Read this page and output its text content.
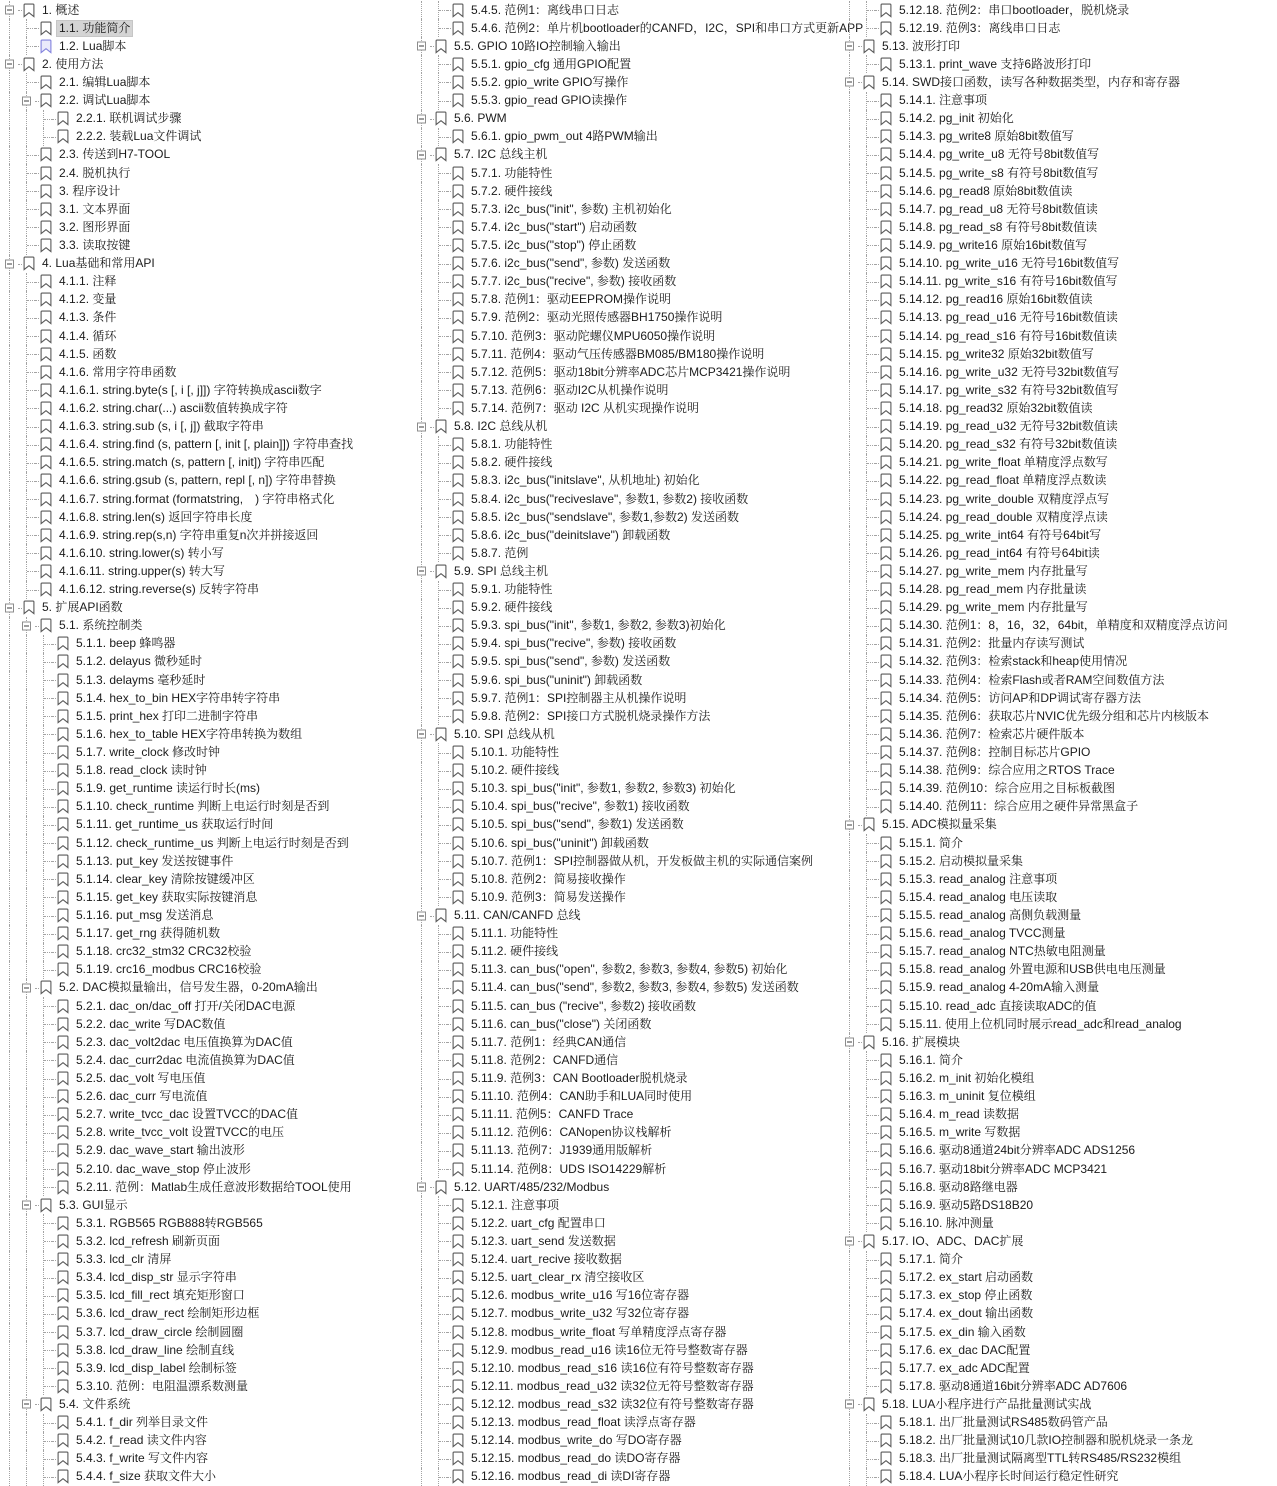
1. 概述
1.1. 功能简介
1.2. Lua脚本
2. 使用方法
2.1. 编辑Lua脚本
2.2. 调试Lua脚本
2.2.1. 联机调试步骤
2.2.2. 装载Lua文件调试
2.3. 传送到H7-TOOL
2.4. 脱机执行
3. 程序设计
3.1. 文本界面
3.2. 图形界面
3.3. 读取按键
4. Lua基础和常用API
4.1.1. 注释
4.1.2. 变量
4.1.3. 条件
4.1.4. 循环
4.1.5. 函数
4.1.6. 常用字符串函数
4.1.6.1. string.byte(s [, i [, j]]) 字符转换成ascii数字
4.1.6.2. string.char(...) ascii数值转换成字符
4.1.6.3. string.sub (s, i [, j]) 截取字符串
4.1.6.4. string.find (s, pattern [, init [, plain]]) 字符串查找
4.1.6.5. string.match (s, pattern [, init]) 字符串匹配
4.1.6.6. string.gsub (s, pattern, repl [, n]) 字符串替换
4.1.6.7. string.format (formatstring,　) 字符串格式化
4.1.6.8. string.len(s) 返回字符串长度
4.1.6.9. string.rep(s,n) 字符串重复n次并拼接返回
4.1.6.10. string.lower(s) 转小写
4.1.6.11. string.upper(s) 转大写
4.1.6.12. string.reverse(s) 反转字符串
5. 扩展API函数
5.1. 系统控制类
5.1.1. beep 蜂鸣器
5.1.2. delayus 微秒延时
5.1.3. delayms 毫秒延时
5.1.4. hex_to_bin HEX字符串转字符串
5.1.5. print_hex 打印二进制字符串
5.1.6. hex_to_table HEX字符串转换为数组
5.1.7. write_clock 修改时钟
5.1.8. read_clock 读时钟
5.1.9. get_runtime 读运行时长(ms)
5.1.10. check_runtime 判断上电运行时刻是否到
5.1.11. get_runtime_us 获取运行时间
5.1.12. check_runtime_us 判断上电运行时刻是否到
5.1.13. put_key 发送按键事件
5.1.14. clear_key 清除按键缓冲区
5.1.15. get_key 获取实际按键消息
5.1.16. put_msg 发送消息
5.1.17. get_rng 获得随机数
5.1.18. crc32_stm32 CRC32校验
5.1.19. crc16_modbus CRC16校验
5.2. DAC模拟量输出，信号发生器，0-20mA输出
5.2.1. dac_on/dac_off 打开/关闭DAC电源
5.2.2. dac_write 写DAC数值
5.2.3. dac_volt2dac 电压值换算为DAC值
5.2.4. dac_curr2dac 电流值换算为DAC值
5.2.5. dac_volt 写电压值
5.2.6. dac_curr 写电流值
5.2.7. write_tvcc_dac 设置TVCC的DAC值
5.2.8. write_tvcc_volt 设置TVCC的电压
5.2.9. dac_wave_start 输出波形
5.2.10. dac_wave_stop 停止波形
5.2.11. 范例：Matlab生成任意波形数据给TOOL使用
5.3. GUI显示
5.3.1. RGB565 RGB888转RGB565
5.3.2. lcd_refresh 刷新页面
5.3.3. lcd_clr 清屏
5.3.4. lcd_disp_str 显示字符串
5.3.5. lcd_fill_rect 填充矩形窗口
5.3.6. lcd_draw_rect 绘制矩形边框
5.3.7. lcd_draw_circle 绘制圆圈
5.3.8. lcd_draw_line 绘制直线
5.3.9. lcd_disp_label 绘制标签
5.3.10. 范例：电阻温漂系数测量
5.4. 文件系统
5.4.1. f_dir 列举目录文件
5.4.2. f_read 读文件内容
5.4.3. f_write 写文件内容
5.4.4. f_size 获取文件大小
5.4.5. 范例1：离线串口日志
5.4.6. 范例2：单片机bootloader的CANFD，I2C，SPI和串口方式更新APP
5.5. GPIO 10路IO控制输入输出
5.5.1. gpio_cfg 通用GPIO配置
5.5.2. gpio_write GPIO写操作
5.5.3. gpio_read GPIO读操作
5.6. PWM
5.6.1. gpio_pwm_out 4路PWM输出
5.7. I2C 总线主机
5.7.1. 功能特性
5.7.2. 硬件接线
5.7.3. i2c_bus("init", 参数) 主机初始化
5.7.4. i2c_bus("start") 启动函数
5.7.5. i2c_bus("stop") 停止函数
5.7.6. i2c_bus("send", 参数) 发送函数
5.7.7. i2c_bus("recive", 参数) 接收函数
5.7.8. 范例1：驱动EEPROM操作说明
5.7.9. 范例2：驱动光照传感器BH1750操作说明
5.7.10. 范例3：驱动陀螺仪MPU6050操作说明
5.7.11. 范例4：驱动气压传感器BM085/BM180操作说明
5.7.12. 范例5：驱动18bit分辨率ADC芯片MCP3421操作说明
5.7.13. 范例6：驱动I2C从机操作说明
5.7.14. 范例7：驱动 I2C 从机实现操作说明
5.8. I2C 总线从机
5.8.1. 功能特性
5.8.2. 硬件接线
5.8.3. i2c_bus("initslave", 从机地址) 初始化
5.8.4. i2c_bus("reciveslave", 参数1, 参数2) 接收函数
5.8.5. i2c_bus("sendslave", 参数1,参数2) 发送函数
5.8.6. i2c_bus("deinitslave") 卸载函数
5.8.7. 范例
5.9. SPI 总线主机
5.9.1. 功能特性
5.9.2. 硬件接线
5.9.3. spi_bus("init", 参数1, 参数2, 参数3)初始化
5.9.4. spi_bus("recive", 参数) 接收函数
5.9.5. spi_bus("send", 参数) 发送函数
5.9.6. spi_bus("uninit") 卸载函数
5.9.7. 范例1：SPI控制器主从机操作说明
5.9.8. 范例2：SPI接口方式脱机烧录操作方法
5.10. SPI 总线从机
5.10.1. 功能特性
5.10.2. 硬件接线
5.10.3. spi_bus("init", 参数1, 参数2, 参数3) 初始化
5.10.4. spi_bus("recive", 参数1) 接收函数
5.10.5. spi_bus("send", 参数1) 发送函数
5.10.6. spi_bus("uninit") 卸载函数
5.10.7. 范例1：SPI控制器做从机，开发板做主机的实际通信案例
5.10.8. 范例2：简易接收操作
5.10.9. 范例3：简易发送操作
5.11. CAN/CANFD 总线
5.11.1. 功能特性
5.11.2. 硬件接线
5.11.3. can_bus("open", 参数2, 参数3, 参数4, 参数5) 初始化
5.11.4. can_bus("send", 参数2, 参数3, 参数4, 参数5) 发送函数
5.11.5. can_bus ("recive", 参数2) 接收函数
5.11.6. can_bus("close") 关闭函数
5.11.7. 范例1：经典CAN通信
5.11.8. 范例2：CANFD通信
5.11.9. 范例3：CAN Bootloader脱机烧录
5.11.10. 范例4：CAN助手和LUA同时使用
5.11.11. 范例5：CANFD Trace
5.11.12. 范例6：CANopen协议栈解析
5.11.13. 范例7：J1939通用版解析
5.11.14. 范例8：UDS ISO14229解析
5.12. UART/485/232/Modbus
5.12.1. 注意事项
5.12.2. uart_cfg 配置串口
5.12.3. uart_send 发送数据
5.12.4. uart_recive 接收数据
5.12.5. uart_clear_rx 清空接收区
5.12.6. modbus_write_u16 写16位寄存器
5.12.7. modbus_write_u32 写32位寄存器
5.12.8. modbus_write_float 写单精度浮点寄存器
5.12.9. modbus_read_u16 读16位无符号整数寄存器
5.12.10. modbus_read_s16 读16位有符号整数寄存器
5.12.11. modbus_read_u32 读32位无符号整数寄存器
5.12.12. modbus_read_s32 读32位有符号整数寄存器
5.12.13. modbus_read_float 读浮点寄存器
5.12.14. modbus_write_do 写DO寄存器
5.12.15. modbus_read_do 读DO寄存器
5.12.16. modbus_read_di 读DI寄存器
5.12.18. 范例2：串口bootloader，脱机烧录
5.12.19. 范例3：离线串口日志
5.13. 波形打印
5.13.1. print_wave 支持6路波形打印
5.14. SWD接口函数，读写各种数据类型，内存和寄存器
5.14.1. 注意事项
5.14.2. pg_init 初始化
5.14.3. pg_write8 原始8bit数值写
5.14.4. pg_write_u8 无符号8bit数值写
5.14.5. pg_write_s8 有符号8bit数值写
5.14.6. pg_read8 原始8bit数值读
5.14.7. pg_read_u8 无符号8bit数值读
5.14.8. pg_read_s8 有符号8bit数值读
5.14.9. pg_write16 原始16bit数值写
5.14.10. pg_write_u16 无符号16bit数值写
5.14.11. pg_write_s16 有符号16bit数值写
5.14.12. pg_read16 原始16bit数值读
5.14.13. pg_read_u16 无符号16bit数值读
5.14.14. pg_read_s16 有符号16bit数值读
5.14.15. pg_write32 原始32bit数值写
5.14.16. pg_write_u32 无符号32bit数值写
5.14.17. pg_write_s32 有符号32bit数值写
5.14.18. pg_read32 原始32bit数值读
5.14.19. pg_read_u32 无符号32bit数值读
5.14.20. pg_read_s32 有符号32bit数值读
5.14.21. pg_write_float 单精度浮点数写
5.14.22. pg_read_float 单精度浮点数读
5.14.23. pg_write_double 双精度浮点写
5.14.24. pg_read_double 双精度浮点读
5.14.25. pg_write_int64 有符号64bit写
5.14.26. pg_read_int64 有符号64bit读
5.14.27. pg_write_mem 内存批量写
5.14.28. pg_read_mem 内存批量读
5.14.29. pg_write_mem 内存批量写
5.14.30. 范例1：8，16，32，64bit，单精度和双精度浮点访问
5.14.31. 范例2：批量内存读写测试
5.14.32. 范例3：检索stack和heap使用情况
5.14.33. 范例4：检索Flash或者RAM空间数值方法
5.14.34. 范例5：访问AP和DP调试寄存器方法
5.14.35. 范例6：获取芯片NVIC优先级分组和芯片内核版本
5.14.36. 范例7：检索芯片硬件版本
5.14.37. 范例8：控制目标芯片GPIO
5.14.38. 范例9：综合应用之RTOS Trace
5.14.39. 范例10：综合应用之目标板截图
5.14.40. 范例11：综合应用之硬件异常黑盒子
5.15. ADC模拟量采集
5.15.1. 简介
5.15.2. 启动模拟量采集
5.15.3. read_analog 注意事项
5.15.4. read_analog 电压读取
5.15.5. read_analog 高侧负载测量
5.15.6. read_analog TVCC测量
5.15.7. read_analog NTC热敏电阻测量
5.15.8. read_analog 外置电源和USB供电电压测量
5.15.9. read_analog 4-20mA输入测量
5.15.10. read_adc 直接读取ADC的值
5.15.11. 使用上位机同时展示read_adc和read_analog
5.16. 扩展模块
5.16.1. 简介
5.16.2. m_init 初始化模组
5.16.3. m_uninit 复位模组
5.16.4. m_read 读数据
5.16.5. m_write 写数据
5.16.6. 驱动8通道24bit分辨率ADC ADS1256
5.16.7. 驱动18bit分辨率ADC MCP3421
5.16.8. 驱动8路继电器
5.16.9. 驱动5路DS18B20
5.16.10. 脉冲测量
5.17. IO、ADC、DAC扩展
5.17.1. 简介
5.17.2. ex_start 启动函数
5.17.3. ex_stop 停止函数
5.17.4. ex_dout 输出函数
5.17.5. ex_din 输入函数
5.17.6. ex_dac DAC配置
5.17.7. ex_adc ADC配置
5.17.8. 驱动8通道16bit分辨率ADC AD7606
5.18. LUA小程序进行产品批量测试实战
5.18.1. 出厂批量测试RS485数码管产品
5.18.2. 出厂批量测试10几款IO控制器和脱机烧录一条龙
5.18.3. 出厂批量测试隔离型TTL转RS485/RS232模组
5.18.4. LUA小程序长时间运行稳定性研究
